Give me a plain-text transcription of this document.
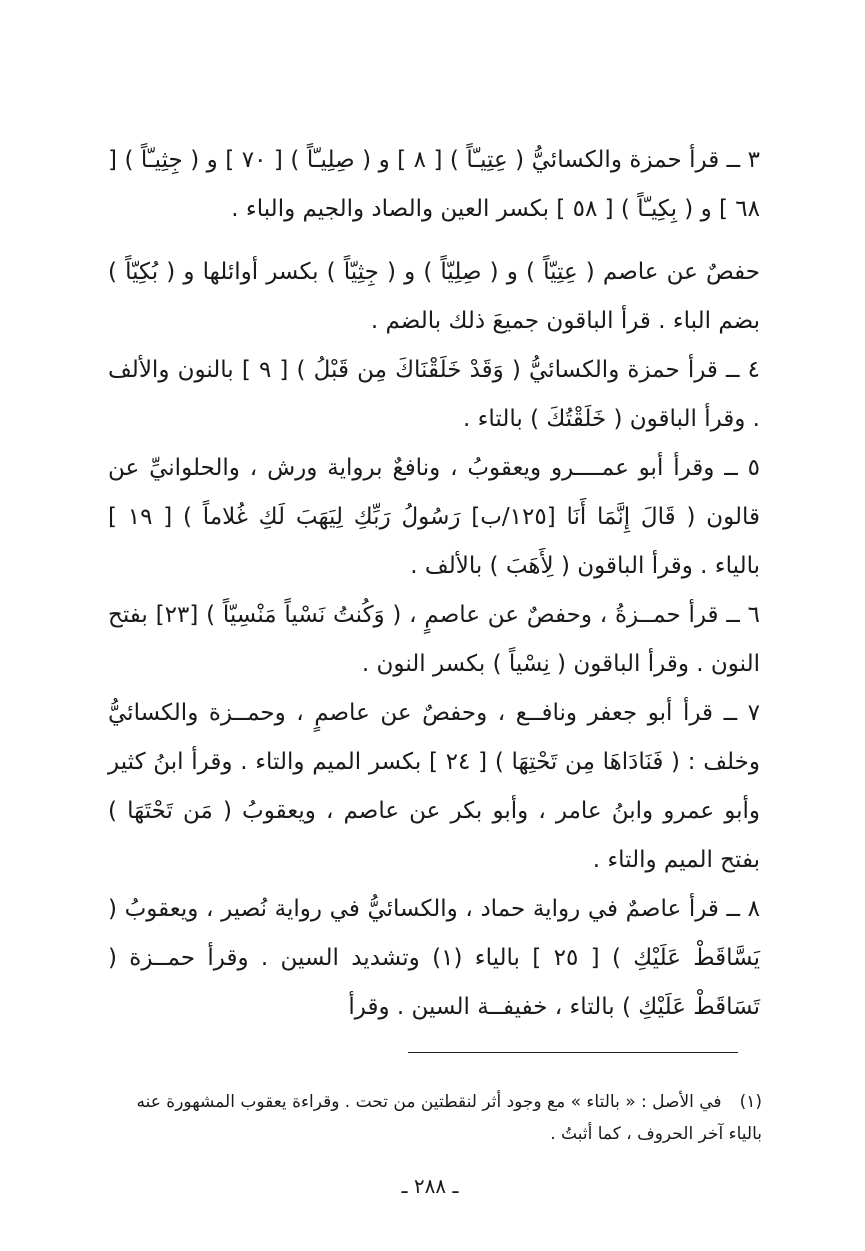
٣ ــ قرأ حمزة والكسائيُّ ( عِتِيـّاً ) [ ٨ ] و ( صِلِيـّاً ) [ ٧٠ ] و ( جِثِيـّاً ) [ ٦٨ ] و ( بِكِيـّاً ) [ ٥٨ ] بكسر العين والصاد والجيم والباء .

حفصٌ عن عاصم ( عِتِيّاً ) و ( صِلِيّاً ) و ( جِثِيّاً ) بكسر أوائلها و ( بُكِيّاً ) بضم الباء . قرأ الباقون جميعَ ذلك بالضم .

٤ ــ قرأ حمزة والكسائيُّ ( وَقَدْ خَلَقْنَاكَ مِن قَبْلُ ) [ ٩ ] بالنون والألف . وقرأ الباقون ( خَلَقْتُكَ ) بالتاء .

٥ ــ وقرأ أبو عمــــرو ويعقوبُ ، ونافعٌ برواية ورش ، والحلوانيِّ عن قالون ( قَالَ إِنَّمَا أَنَا [١٢٥/ب] رَسُولُ رَبِّكِ لِيَهَبَ لَكِ غُلاماً ) [ ١٩ ] بالياء . وقرأ الباقون ( لِأَهَبَ ) بالألف .

٦ ــ قرأ حمــزةُ ، وحفصٌ عن عاصمٍ ، ( وَكُنتُ نَسْياً مَنْسِيّاً ) [٢٣] بفتح النون . وقرأ الباقون ( نِسْياً ) بكسر النون .

٧ ــ قرأ أبو جعفر ونافــع ، وحفصٌ عن عاصمٍ ، وحمــزة والكسائيُّ وخلف : ( فَنَادَاهَا مِن تَحْتِهَا ) [ ٢٤ ] بكسر الميم والتاء . وقرأ ابنُ كثير وأبو عمرو وابنُ عامر ، وأبو بكر عن عاصم ، ويعقوبُ ( مَن تَحْتَهَا ) بفتح الميم والتاء .

٨ ــ قرأ عاصمٌ في رواية حماد ، والكسائيُّ في رواية نُصير ، ويعقوبُ ( يَسَّاقَطْ عَلَيْكِ ) [ ٢٥ ] بالياء (١) وتشديد السين . وقرأ حمــزة ( تَسَاقَطْ عَلَيْكِ ) بالتاء ، خفيفــة السين . وقرأ

(١)في الأصل : « بالتاء » مع وجود أثر لنقطتين من تحت . وقراءة يعقوب المشهورة عنه بالياء آخر الحروف ، كما أثبتُ .
ـ ٢٨٨ ـ
